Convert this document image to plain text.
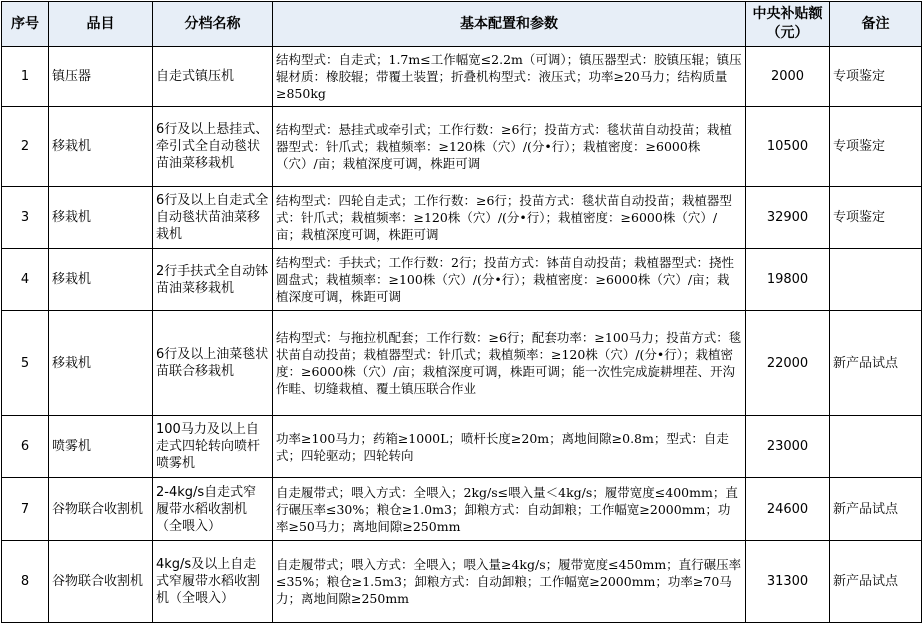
序号	品目	分档名称	基本配置和参数	中央补贴额（元）	备注
1	镇压器	自走式镇压机	结构型式：自走式；1.7m≤工作幅宽≤2.2m（可调）；镇压器型式：胶镇压辊；镇压辊材质：橡胶辊；带覆土装置；折叠机构型式：液压式；功率≥20马力；结构质量≥850kg	2000	专项鉴定
2	移栽机	6行及以上悬挂式、牵引式全自动毯状苗油菜移栽机	结构型式：悬挂式或牵引式；工作行数：≥6行；投苗方式：毯状苗自动投苗；栽植器型式：针爪式；栽植频率：≥120株（穴）/(分•行）；栽植密度：≥6000株（穴）/亩；栽植深度可调，株距可调	10500	专项鉴定
3	移栽机	6行及以上自走式全自动毯状苗油菜移栽机	结构型式：四轮自走式；工作行数：≥6行；投苗方式：毯状苗自动投苗；栽植器型式：针爪式；栽植频率：≥120株（穴）/(分•行）；栽植密度：≥6000株（穴）/亩；栽植深度可调，株距可调	32900	专项鉴定
4	移栽机	2行手扶式全自动钵苗油菜移栽机	结构型式：手扶式；工作行数：2行；投苗方式：钵苗自动投苗；栽植器型式：挠性圆盘式；栽植频率：≥100株（穴）/(分•行）；栽植密度：≥6000株（穴）/亩；栽植深度可调，株距可调	19800	
5	移栽机	6行及以上油菜毯状苗联合移栽机	结构型式：与拖拉机配套；工作行数：≥6行；配套功率：≥100马力；投苗方式：毯状苗自动投苗；栽植器型式：针爪式；栽植频率：≥120株（穴）/(分•行）；栽植密度：≥6000株（穴）/亩；栽植深度可调，株距可调；能一次性完成旋耕埋茬、开沟作畦、切缝栽植、覆土镇压联合作业	22000	新产品试点
6	喷雾机	100马力及以上自走式四轮转向喷杆喷雾机	功率≥100马力；药箱≥1000L；喷杆长度≥20m；离地间隙≥0.8m；型式：自走式；四轮驱动；四轮转向	23000	
7	谷物联合收割机	2-4kg/s自走式窄履带水稻收割机（全喂入）	自走履带式；喂入方式：全喂入；2kg/s≤喂入量＜4kg/s；履带宽度≤400mm；直行碾压率≤30%；粮仓≥1.0m3；卸粮方式：自动卸粮；工作幅宽≥2000mm；功率≥50马力；离地间隙≥250mm	24600	新产品试点
8	谷物联合收割机	4kg/s及以上自走式窄履带水稻收割机（全喂入）	自走履带式；喂入方式：全喂入；喂入量≥4kg/s；履带宽度≤450mm；直行碾压率≤35%；粮仓≥1.5m3；卸粮方式：自动卸粮；工作幅宽≥2000mm；功率≥70马力；离地间隙≥250mm	31300	新产品试点
